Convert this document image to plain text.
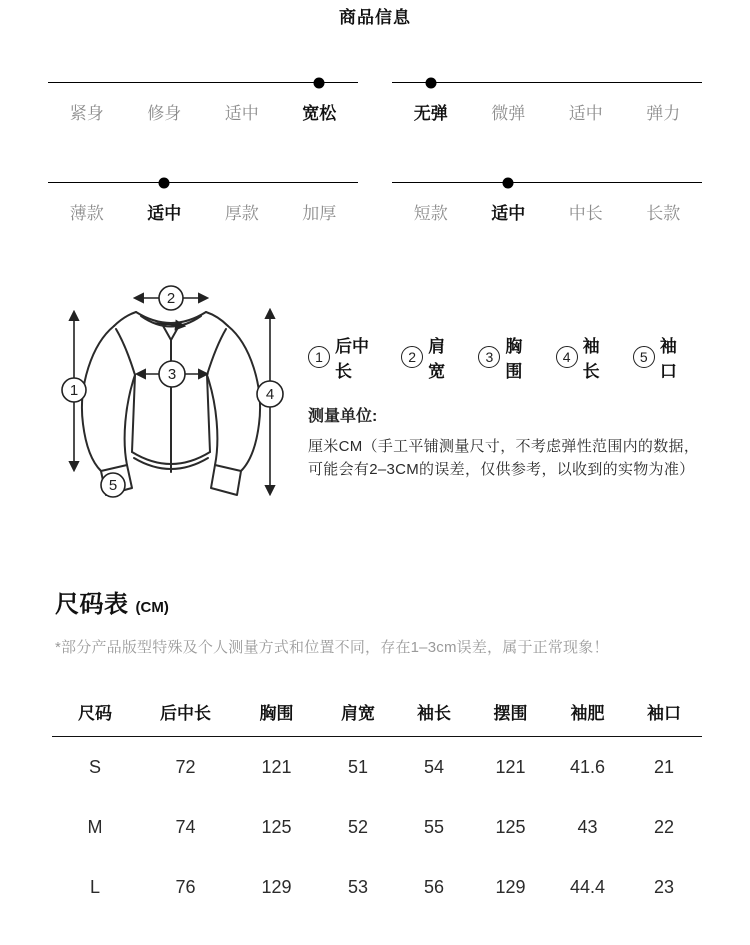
商品信息
紧身	修身	适中	宽松	无弹	微弹	适中	弹力
薄款	适中	厚款	加厚	短款	适中	中长	长款
1
2
3
4
5
1
后中长
2
肩宽
3
胸围
4
袖长
5
袖口
测量单位:
厘米CM（手工平铺测量尺寸，不考虑弹性范围内的数据，可能会有2–3CM的误差，仅供参考，以收到的实物为准）
尺码表 (CM)
*部分产品版型特殊及个人测量方式和位置不同，存在1–3cm误差，属于正常现象！
尺码	后中长	胸围	肩宽	袖长	摆围	袖肥	袖口
S	72	121	51	54	121	41.6	21
M	74	125	52	55	125	43	22
L	76	129	53	56	129	44.4	23
